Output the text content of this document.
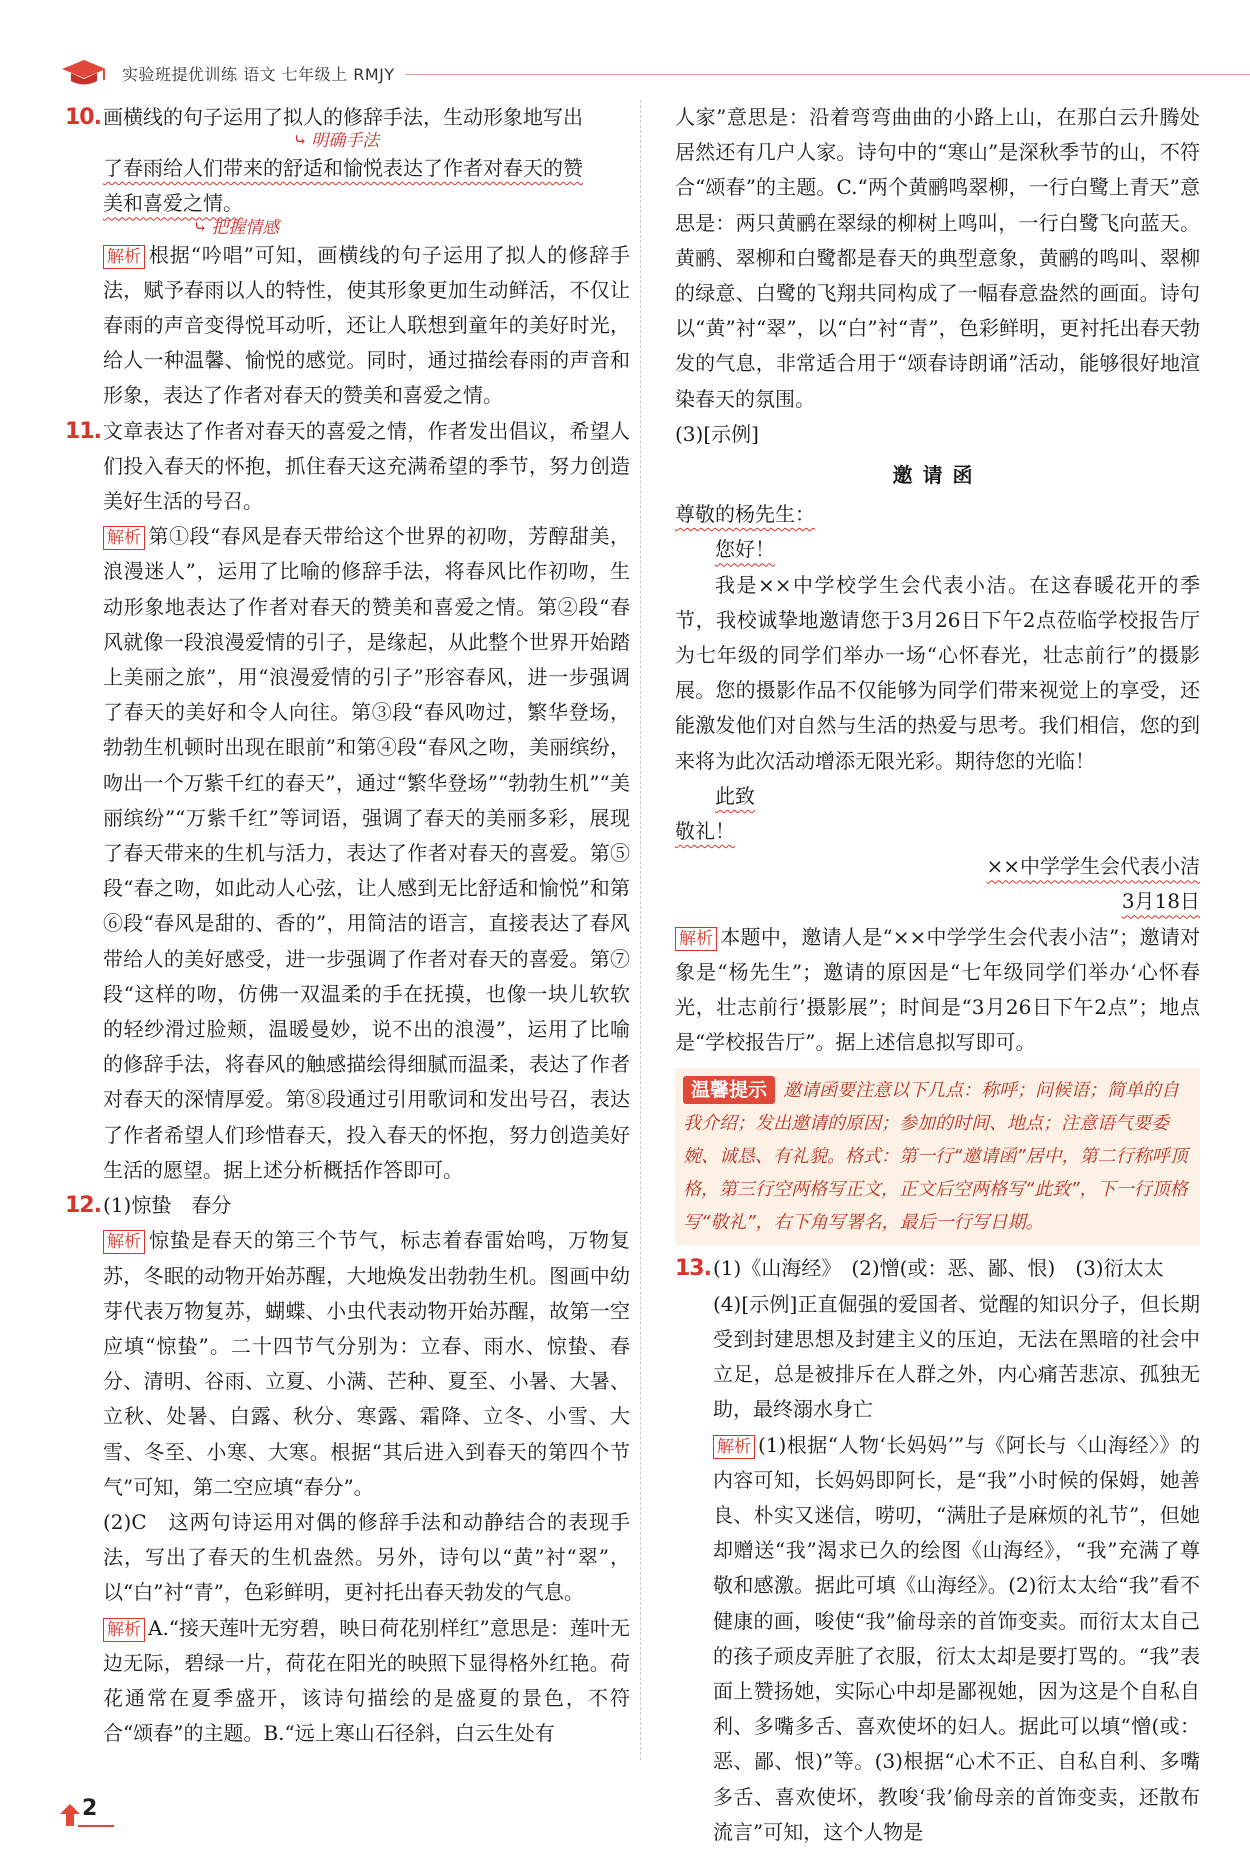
实验班提优训练 语文 七年级上 RMJY
10. 画横线的句子运用了拟人的修辞手法，生动形象地写出

⤷ 明确手法

了春雨给人们带来的舒适和愉悦表达了作者对春天的赞

美和喜爱之情。

⤷ 把握情感

解析 根据“吟唱”可知，画横线的句子运用了拟人的修辞手法，赋予春雨以人的特性，使其形象更加生动鲜活，不仅让春雨的声音变得悦耳动听，还让人联想到童年的美好时光，给人一种温馨、愉悦的感觉。同时，通过描绘春雨的声音和形象，表达了作者对春天的赞美和喜爱之情。

11. 文章表达了作者对春天的喜爱之情，作者发出倡议，希望人们投入春天的怀抱，抓住春天这充满希望的季节，努力创造美好生活的号召。

解析 第①段“春风是春天带给这个世界的初吻，芳醇甜美，浪漫迷人”，运用了比喻的修辞手法，将春风比作初吻，生动形象地表达了作者对春天的赞美和喜爱之情。第②段“春风就像一段浪漫爱情的引子，是缘起，从此整个世界开始踏上美丽之旅”，用“浪漫爱情的引子”形容春风，进一步强调了春天的美好和令人向往。第③段“春风吻过，繁华登场，勃勃生机顿时出现在眼前”和第④段“春风之吻，美丽缤纷，吻出一个万紫千红的春天”，通过“繁华登场”“勃勃生机”“美丽缤纷”“万紫千红”等词语，强调了春天的美丽多彩，展现了春天带来的生机与活力，表达了作者对春天的喜爱。第⑤段“春之吻，如此动人心弦，让人感到无比舒适和愉悦”和第⑥段“春风是甜的、香的”，用简洁的语言，直接表达了春风带给人的美好感受，进一步强调了作者对春天的喜爱。第⑦段“这样的吻，仿佛一双温柔的手在抚摸，也像一块儿软软的轻纱滑过脸颊，温暖曼妙，说不出的浪漫”，运用了比喻的修辞手法，将春风的触感描绘得细腻而温柔，表达了作者对春天的深情厚爱。第⑧段通过引用歌词和发出号召，表达了作者希望人们珍惜春天，投入春天的怀抱，努力创造美好生活的愿望。据上述分析概括作答即可。

12. (1)惊蛰　春分

解析 惊蛰是春天的第三个节气，标志着春雷始鸣，万物复苏，冬眠的动物开始苏醒，大地焕发出勃勃生机。图画中幼芽代表万物复苏，蝴蝶、小虫代表动物开始苏醒，故第一空应填“惊蛰”。二十四节气分别为：立春、雨水、惊蛰、春分、清明、谷雨、立夏、小满、芒种、夏至、小暑、大暑、立秋、处暑、白露、秋分、寒露、霜降、立冬、小雪、大雪、冬至、小寒、大寒。根据“其后进入到春天的第四个节气”可知，第二空应填“春分”。

(2)C　这两句诗运用对偶的修辞手法和动静结合的表现手法，写出了春天的生机盎然。另外，诗句以“黄”衬“翠”，以“白”衬“青”，色彩鲜明，更衬托出春天勃发的气息。

解析 A.“接天莲叶无穷碧，映日荷花别样红”意思是：莲叶无边无际，碧绿一片，荷花在阳光的映照下显得格外红艳。荷花通常在夏季盛开，该诗句描绘的是盛夏的景色，不符合“颂春”的主题。B.“远上寒山石径斜，白云生处有

人家”意思是：沿着弯弯曲曲的小路上山，在那白云升腾处居然还有几户人家。诗句中的“寒山”是深秋季节的山，不符合“颂春”的主题。C.“两个黄鹂鸣翠柳，一行白鹭上青天”意思是：两只黄鹂在翠绿的柳树上鸣叫，一行白鹭飞向蓝天。黄鹂、翠柳和白鹭都是春天的典型意象，黄鹂的鸣叫、翠柳的绿意、白鹭的飞翔共同构成了一幅春意盎然的画面。诗句以“黄”衬“翠”，以“白”衬“青”，色彩鲜明，更衬托出春天勃发的气息，非常适合用于“颂春诗朗诵”活动，能够很好地渲染春天的氛围。

(3)[示例]

邀请函

尊敬的杨先生：

您好！

我是××中学校学生会代表小洁。在这春暖花开的季节，我校诚挚地邀请您于3月26日下午2点莅临学校报告厅为七年级的同学们举办一场“心怀春光，壮志前行”的摄影展。您的摄影作品不仅能够为同学们带来视觉上的享受，还能激发他们对自然与生活的热爱与思考。我们相信，您的到来将为此次活动增添无限光彩。期待您的光临！

此致

敬礼！

××中学学生会代表小洁

3月18日

解析 本题中，邀请人是“××中学学生会代表小洁”；邀请对象是“杨先生”；邀请的原因是“七年级同学们举办‘心怀春光，壮志前行’摄影展”；时间是“3月26日下午2点”；地点是“学校报告厅”。据上述信息拟写即可。

温馨提示 邀请函要注意以下几点：称呼；问候语；简单的自我介绍；发出邀请的原因；参加的时间、地点；注意语气要委婉、诚恳、有礼貌。格式：第一行“邀请函”居中，第二行称呼顶格，第三行空两格写正文，正文后空两格写“此致”，下一行顶格写“敬礼”，右下角写署名，最后一行写日期。
13. (1)《山海经》　(2)憎(或：恶、鄙、恨)　(3)衍太太

(4)[示例]正直倔强的爱国者、觉醒的知识分子，但长期受到封建思想及封建主义的压迫，无法在黑暗的社会中立足，总是被排斥在人群之外，内心痛苦悲凉、孤独无助，最终溺水身亡

解析 (1)根据“人物‘长妈妈’”与《阿长与〈山海经〉》的内容可知，长妈妈即阿长，是“我”小时候的保姆，她善良、朴实又迷信，唠叨，“满肚子是麻烦的礼节”，但她却赠送“我”渴求已久的绘图《山海经》，“我”充满了尊敬和感激。据此可填《山海经》。(2)衍太太给“我”看不健康的画，唆使“我”偷母亲的首饰变卖。而衍太太自己的孩子顽皮弄脏了衣服，衍太太却是要打骂的。“我”表面上赞扬她，实际心中却是鄙视她，因为这是个自私自利、多嘴多舌、喜欢使坏的妇人。据此可以填“憎(或：恶、鄙、恨)”等。(3)根据“心术不正、自私自利、多嘴多舌、喜欢使坏，教唆‘我’偷母亲的首饰变卖，还散布流言”可知，这个人物是

2
